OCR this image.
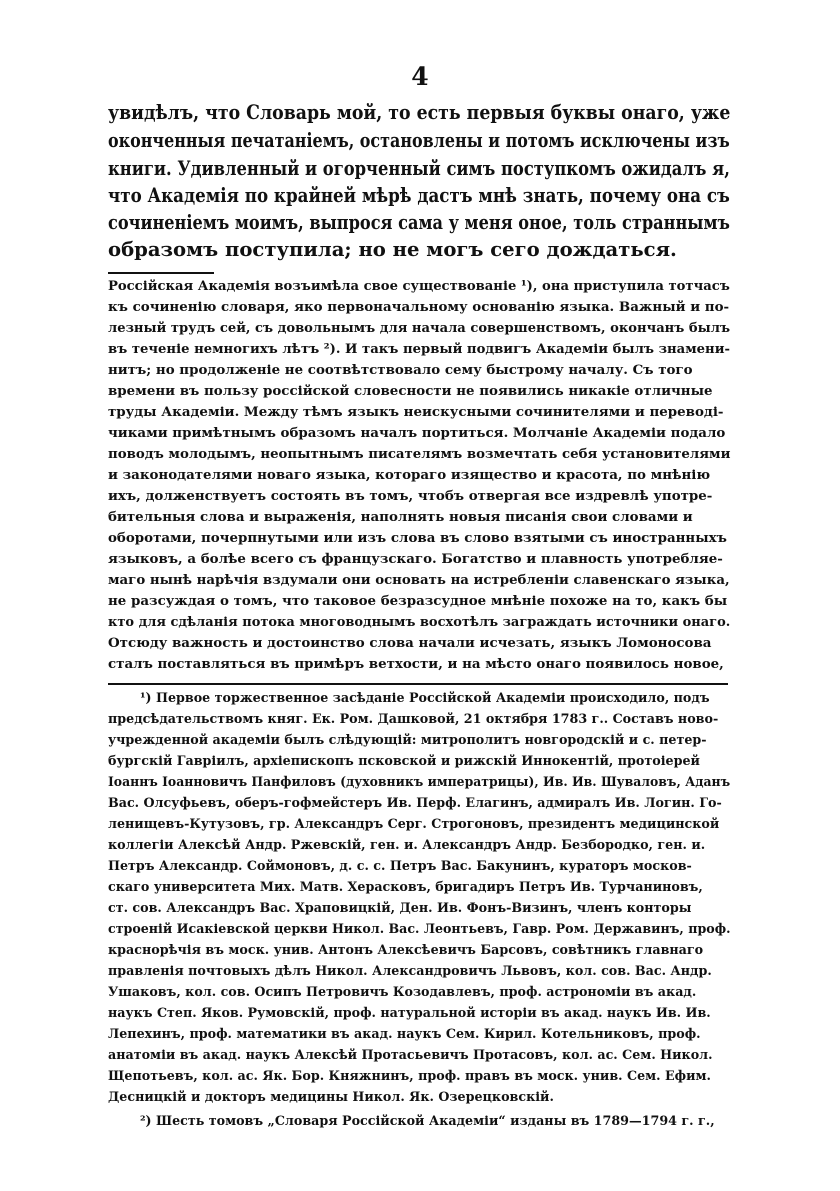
4
увидѣлъ, что Словарь мой, то есть первыя буквы онаго, уже
оконченныя печатаніемъ, остановлены и потомъ исключены изъ
книги. Удивленный и огорченный симъ поступкомъ ожидалъ я,
что Академія по крайней мѣрѣ дастъ мнѣ знать, почему она съ
сочиненіемъ моимъ, выпрося сама у меня оное, толь страннымъ
образомъ поступила; но не могъ сего дождаться.
Россійская Академія возъимѣла свое существованіе ¹), она приступила тотчасъ
къ сочиненію словаря, яко первоначальному основанію языка. Важный и по-
лезный трудъ сей, съ довольнымъ для начала совершенствомъ, окончанъ былъ
въ теченіе немногихъ лѣтъ ²). И такъ первый подвигъ Академіи былъ знамени-
нитъ; но продолженіе не соотвѣтствовало сему быстрому началу. Съ того
времени въ пользу россійской словесности не появились никакіе отличные
труды Академіи. Между тѣмъ языкъ неискусными сочинителями и переводі-
чиками примѣтнымъ образомъ началъ портиться. Молчаніе Академіи подало
поводъ молодымъ, неопытнымъ писателямъ возмечтать себя установителями
и законодателями новаго языка, котораго изящество и красота, по мнѣнію
ихъ, долженствуетъ состоять въ томъ, чтобъ отвергая все издревлѣ употре-
бительныя слова и выраженія, наполнять новыя писанія свои словами и
оборотами, почерпнутыми или изъ слова въ слово взятыми съ иностранныхъ
языковъ, а болѣе всего съ французскаго. Богатство и плавность употребляе-
маго нынѣ нарѣчія вздумали они основать на истребленіи славенскаго языка,
не разсуждая о томъ, что таковое безразсудное мнѣніе похоже на то, какъ бы
кто для сдѣланія потока многоводнымъ восхотѣлъ заграждать источники онаго.
Отсюду важность и достоинство слова начали исчезать, языкъ Ломоносова
сталъ поставляться въ примѣръ ветхости, и на мѣсто онаго появилось новое,
¹) Первое торжественное засѣданіе Россійской Академіи происходило, подъ
предсѣдательствомъ княг. Ек. Ром. Дашковой, 21 октября 1783 г.. Составъ ново-
учрежденной академіи былъ слѣдующій: митрополитъ новгородскій и с. петер-
бургскій Гавріилъ, архіепископъ псковской и рижскій Иннокентій, протоіерей
Іоаннъ Іоанновичъ Панфиловъ (духовникъ императрицы), Ив. Ив. Шуваловъ, Аданъ
Вас. Олсуфьевъ, оберъ-гофмейстеръ Ив. Перф. Елагинъ, адмиралъ Ив. Логин. Го-
ленищевъ-Кутузовъ, гр. Александръ Серг. Строгоновъ, президентъ медицинской
коллегіи Алексѣй Андр. Ржевскій, ген. и. Александръ Андр. Безбородко, ген. и.
Петръ Александр. Соймоновъ, д. с. с. Петръ Вас. Бакунинъ, кураторъ москов-
скаго университета Мих. Матв. Херасковъ, бригадиръ Петръ Ив. Турчаниновъ,
ст. сов. Александръ Вас. Храповицкій, Ден. Ив. Фонъ-Визинъ, членъ конторы
строеній Исакіевской церкви Никол. Вас. Леонтьевъ, Гавр. Ром. Державинъ, проф.
краснорѣчія въ моск. унив. Антонъ Алексѣевичъ Барсовъ, совѣтникъ главнаго
правленія почтовыхъ дѣлъ Никол. Александровичъ Львовъ, кол. сов. Вас. Андр.
Ушаковъ, кол. сов. Осипъ Петровичъ Козодавлевъ, проф. астрономіи въ акад.
наукъ Степ. Яков. Румовскій, проф. натуральной исторіи въ акад. наукъ Ив. Ив.
Лепехинъ, проф. математики въ акад. наукъ Сем. Кирил. Котельниковъ, проф.
анатоміи въ акад. наукъ Алексѣй Протасьевичъ Протасовъ, кол. ас. Сем. Никол.
Щепотьевъ, кол. ас. Як. Бор. Княжнинъ, проф. правъ въ моск. унив. Сем. Ефим.
Десницкій и докторъ медицины Никол. Як. Озерецковскій.
²) Шесть томовъ „Словаря Россійской Академіи“ изданы въ 1789—1794 г. г.,
